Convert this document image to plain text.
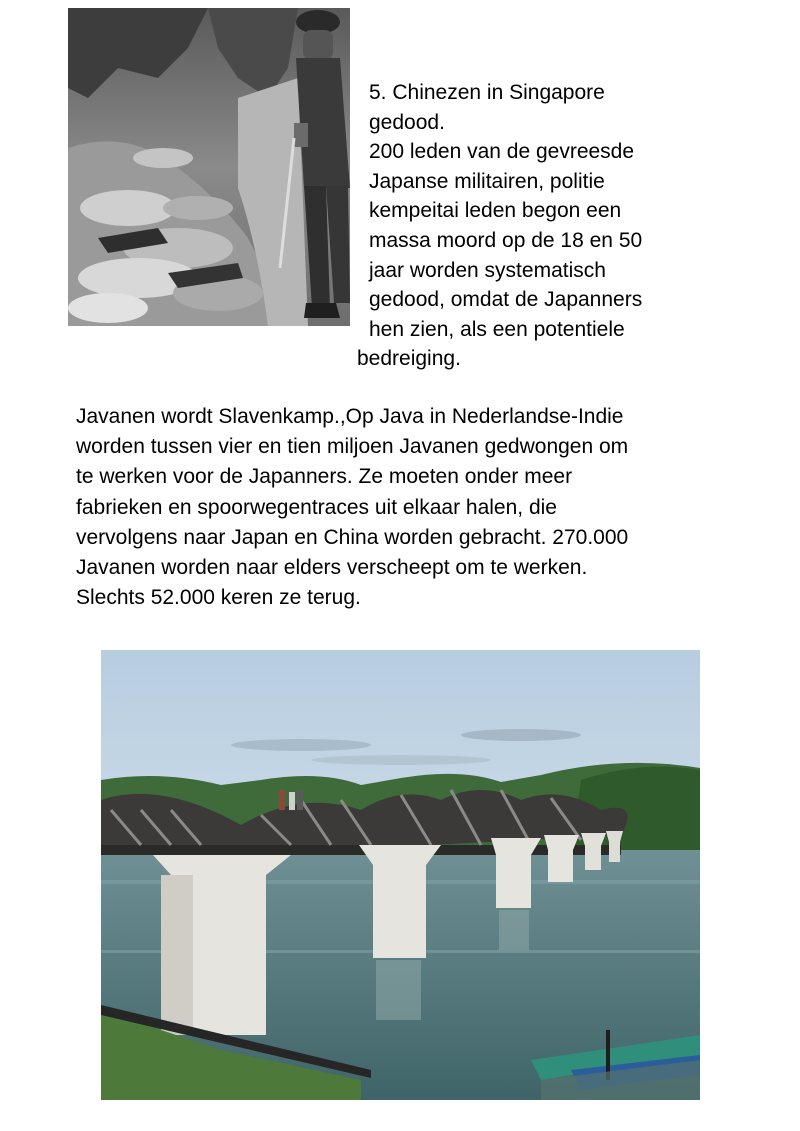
5. Chinezen in Singapore
gedood.
200 leden van de gevreesde
Japanse militairen, politie
kempeitai leden begon een
massa moord op de 18 en 50
jaar worden systematisch
gedood, omdat de Japanners
hen zien, als een potentiele
bedreiging.
Javanen wordt Slavenkamp.,Op Java in Nederlandse-Indie
worden tussen vier en tien miljoen Javanen gedwongen om
te werken voor de Japanners. Ze moeten onder meer
fabrieken en spoorwegentraces uit elkaar halen, die
vervolgens naar Japan en China worden gebracht. 270.000
Javanen worden naar elders verscheept om te werken.
Slechts 52.000 keren ze terug.
